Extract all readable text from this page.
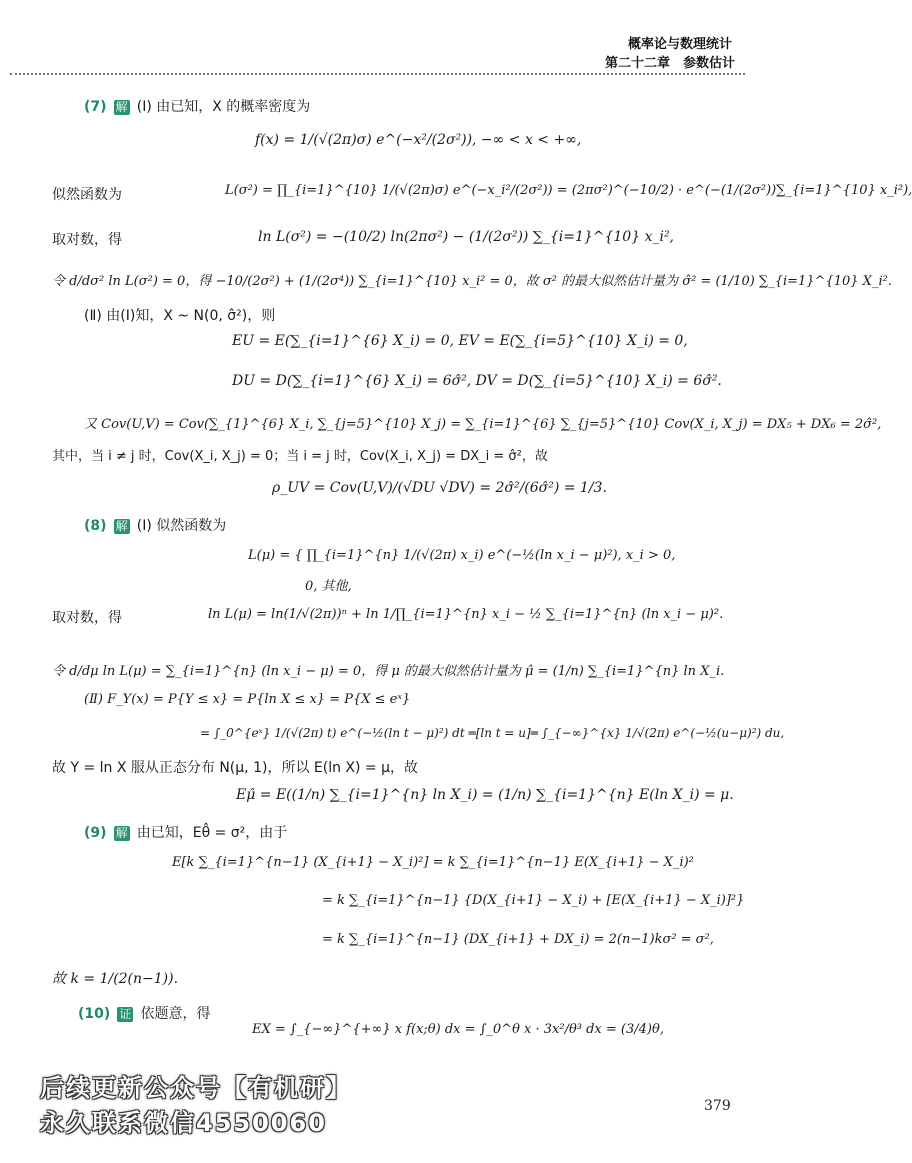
概率论与数理统计
第二十二章　参数估计
(7) 解 (Ⅰ) 由已知，X 的概率密度为
f(x) = 1/(√(2π)σ) e^(−x²/(2σ²)), −∞ < x < +∞,
似然函数为	L(σ²) = ∏_{i=1}^{10} 1/(√(2π)σ) e^(−x_i²/(2σ²)) = (2πσ²)^(−10/2) · e^(−(1/(2σ²))∑_{i=1}^{10} x_i²),
取对数，得	ln L(σ²) = −(10/2) ln(2πσ²) − (1/(2σ²)) ∑_{i=1}^{10} x_i²,
令 d/dσ² ln L(σ²) = 0，得 −10/(2σ²) + (1/(2σ⁴)) ∑_{i=1}^{10} x_i² = 0，故 σ² 的最大似然估计量为 σ̂² = (1/10) ∑_{i=1}^{10} X_i².
(Ⅱ) 由(Ⅰ)知，X ~ N(0, σ̂²)，则
EU = E(∑_{i=1}^{6} X_i) = 0, EV = E(∑_{i=5}^{10} X_i) = 0,
DU = D(∑_{i=1}^{6} X_i) = 6σ̂², DV = D(∑_{i=5}^{10} X_i) = 6σ̂².
又 Cov(U,V) = Cov(∑_{1}^{6} X_i, ∑_{j=5}^{10} X_j) = ∑_{i=1}^{6} ∑_{j=5}^{10} Cov(X_i, X_j) = DX₅ + DX₆ = 2σ̂²,
其中，当 i ≠ j 时，Cov(X_i, X_j) = 0；当 i = j 时，Cov(X_i, X_j) = DX_i = σ̂²，故
ρ_UV = Cov(U,V)/(√DU √DV) = 2σ̂²/(6σ̂²) = 1/3.
(8) 解 (Ⅰ) 似然函数为
L(μ) = { ∏_{i=1}^{n} 1/(√(2π) x_i) e^(−½(ln x_i − μ)²), x_i > 0,
0, 其他,
取对数，得	ln L(μ) = ln(1/√(2π))ⁿ + ln 1/∏_{i=1}^{n} x_i − ½ ∑_{i=1}^{n} (ln x_i − μ)².
令 d/dμ ln L(μ) = ∑_{i=1}^{n} (ln x_i − μ) = 0，得 μ 的最大似然估计量为 μ̂ = (1/n) ∑_{i=1}^{n} ln X_i.
(Ⅱ) F_Y(x) = P{Y ≤ x} = P{ln X ≤ x} = P{X ≤ eˣ}
= ∫_0^{eˣ} 1/(√(2π) t) e^(−½(ln t − μ)²) dt ═[ln t = u]═ ∫_{−∞}^{x} 1/√(2π) e^(−½(u−μ)²) du,
故 Y = ln X 服从正态分布 N(μ, 1)，所以 E(ln X) = μ，故
Eμ̂ = E((1/n) ∑_{i=1}^{n} ln X_i) = (1/n) ∑_{i=1}^{n} E(ln X_i) = μ.
(9) 解 由已知，Eθ̂ = σ²，由于
E[k ∑_{i=1}^{n−1} (X_{i+1} − X_i)²] = k ∑_{i=1}^{n−1} E(X_{i+1} − X_i)²
= k ∑_{i=1}^{n−1} {D(X_{i+1} − X_i) + [E(X_{i+1} − X_i)]²}
= k ∑_{i=1}^{n−1} (DX_{i+1} + DX_i) = 2(n−1)kσ² = σ²,
故 k = 1/(2(n−1)).
(10) 证 依题意，得
EX = ∫_{−∞}^{+∞} x f(x;θ) dx = ∫_0^θ x · 3x²/θ³ dx = (3/4)θ,
379
后续更新公众号【有机研】
永久联系微信4550060
